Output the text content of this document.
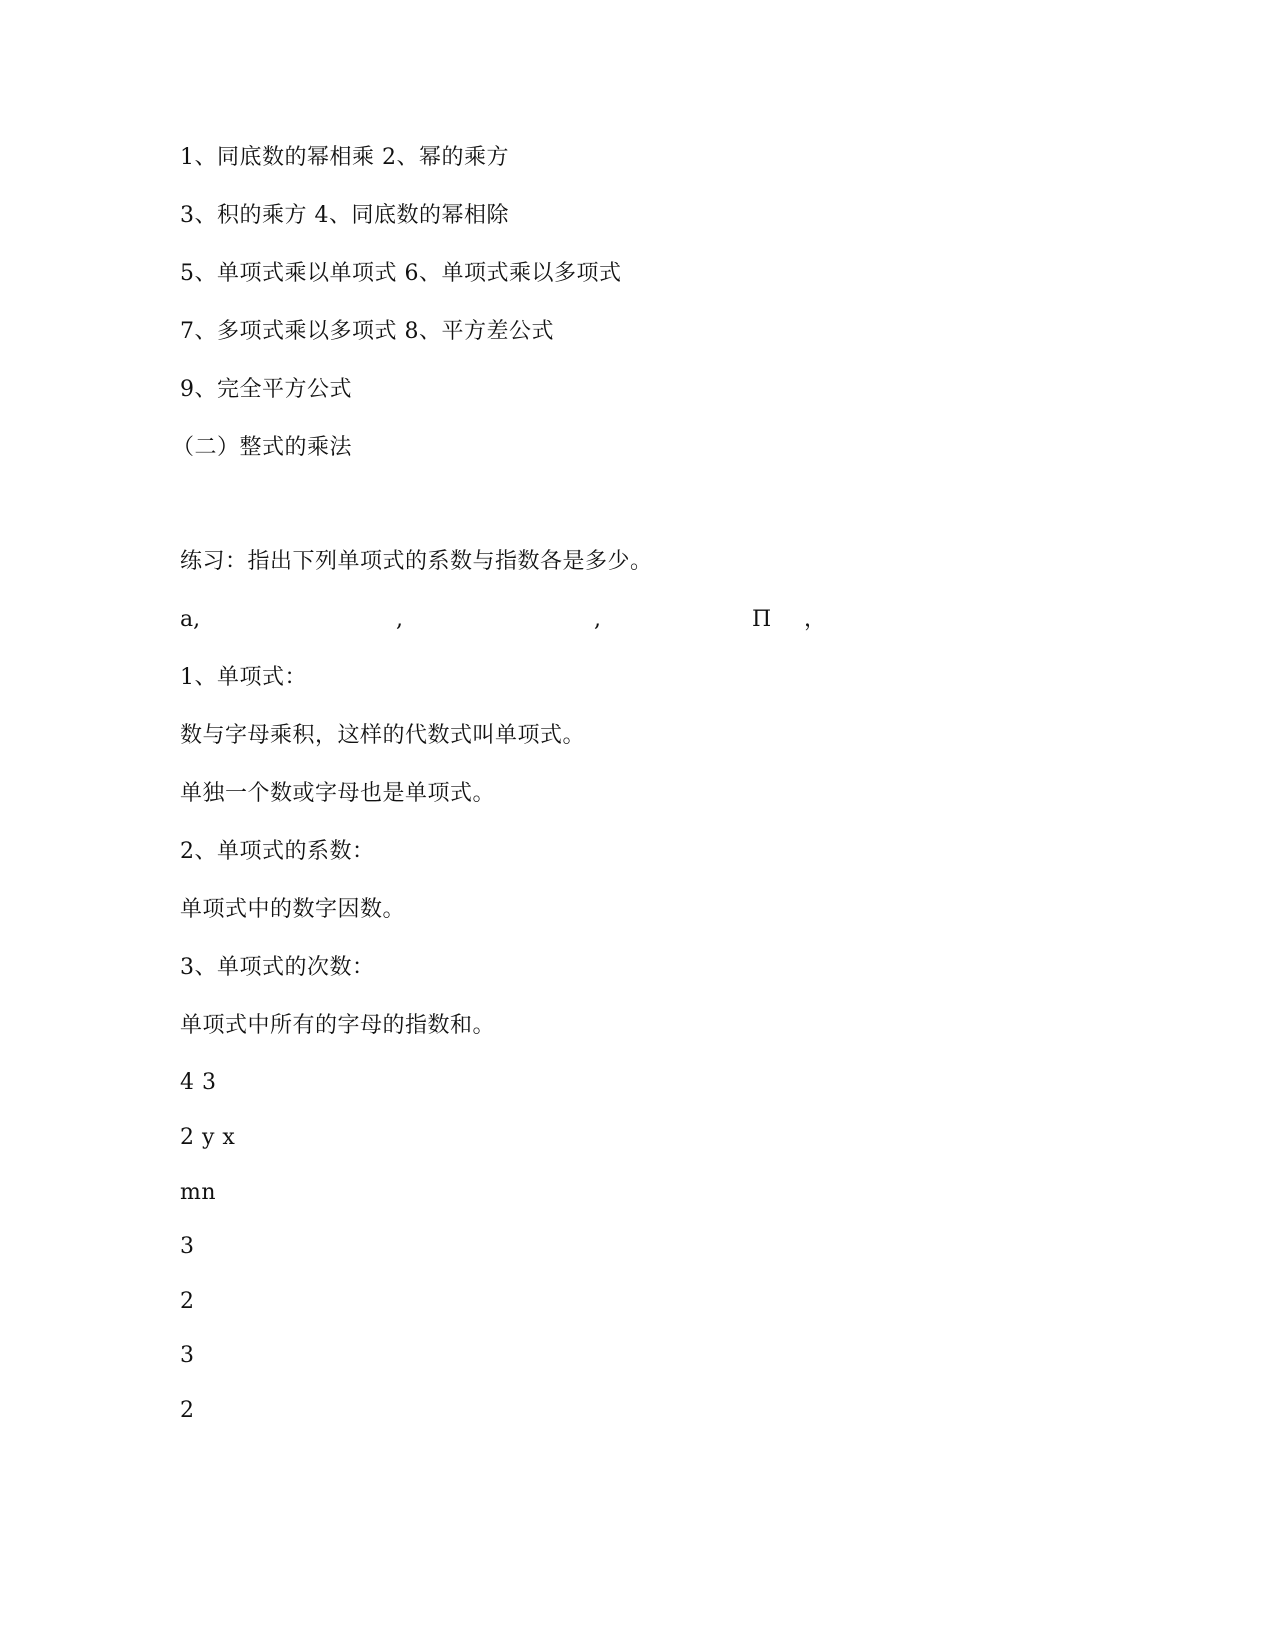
1、同底数的幂相乘 2、幂的乘方
3、积的乘方 4、同底数的幂相除
5、单项式乘以单项式 6、单项式乘以多项式
7、多项式乘以多项式 8、平方差公式
9、完全平方公式
（二）整式的乘法
练习：指出下列单项式的系数与指数各是多少。
a,	,	,	Π ，
1、单项式：
数与字母乘积，这样的代数式叫单项式。
单独一个数或字母也是单项式。
2、单项式的系数：
单项式中的数字因数。
3、单项式的次数：
单项式中所有的字母的指数和。
4 3
2 y x
mn
3
2
3
2
